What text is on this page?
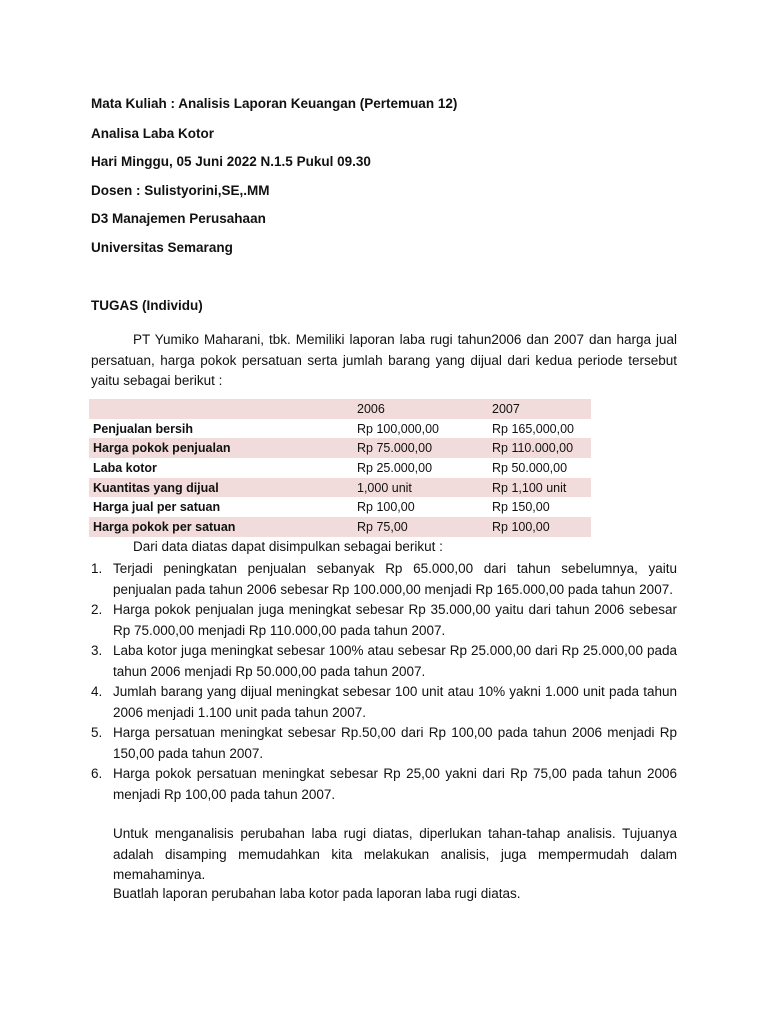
Mata Kuliah : Analisis Laporan Keuangan (Pertemuan 12)
Analisa Laba Kotor
Hari Minggu, 05 Juni 2022 N.1.5 Pukul 09.30
Dosen : Sulistyorini,SE,.MM
D3 Manajemen Perusahaan
Universitas Semarang
TUGAS (Individu)
PT Yumiko Maharani, tbk. Memiliki laporan laba rugi tahun2006 dan 2007 dan harga jual persatuan, harga pokok persatuan serta jumlah barang yang dijual dari kedua periode tersebut yaitu sebagai berikut :
	2006	2007
Penjualan bersih	Rp 100,000,00	Rp 165,000,00
Harga pokok penjualan	Rp 75.000,00	Rp 110.000,00
Laba kotor	Rp 25.000,00	Rp 50.000,00
Kuantitas yang dijual	1,000 unit	Rp 1,100 unit
Harga jual per satuan	Rp 100,00	Rp 150,00
Harga pokok per satuan	Rp 75,00	Rp 100,00
Dari data diatas dapat disimpulkan sebagai berikut :
1. Terjadi peningkatan penjualan sebanyak Rp 65.000,00 dari tahun sebelumnya, yaitu penjualan pada tahun 2006 sebesar Rp 100.000,00 menjadi Rp 165.000,00 pada tahun 2007.
2. Harga pokok penjualan juga meningkat sebesar Rp 35.000,00 yaitu dari tahun 2006 sebesar Rp 75.000,00 menjadi Rp 110.000,00 pada tahun 2007.
3. Laba kotor juga meningkat sebesar 100% atau sebesar Rp 25.000,00 dari Rp 25.000,00 pada tahun 2006 menjadi Rp 50.000,00 pada tahun 2007.
4. Jumlah barang yang dijual meningkat sebesar 100 unit atau 10% yakni 1.000 unit pada tahun 2006 menjadi 1.100 unit pada tahun 2007.
5. Harga persatuan meningkat sebesar Rp.50,00 dari Rp 100,00 pada tahun 2006 menjadi Rp 150,00 pada tahun 2007.
6. Harga pokok persatuan meningkat sebesar Rp 25,00 yakni dari Rp 75,00 pada tahun 2006 menjadi Rp 100,00 pada tahun 2007.
Untuk menganalisis perubahan laba rugi diatas, diperlukan tahan-tahap analisis. Tujuanya adalah disamping memudahkan kita melakukan analisis, juga mempermudah dalam memahaminya.
Buatlah laporan perubahan laba kotor pada laporan laba rugi diatas.
